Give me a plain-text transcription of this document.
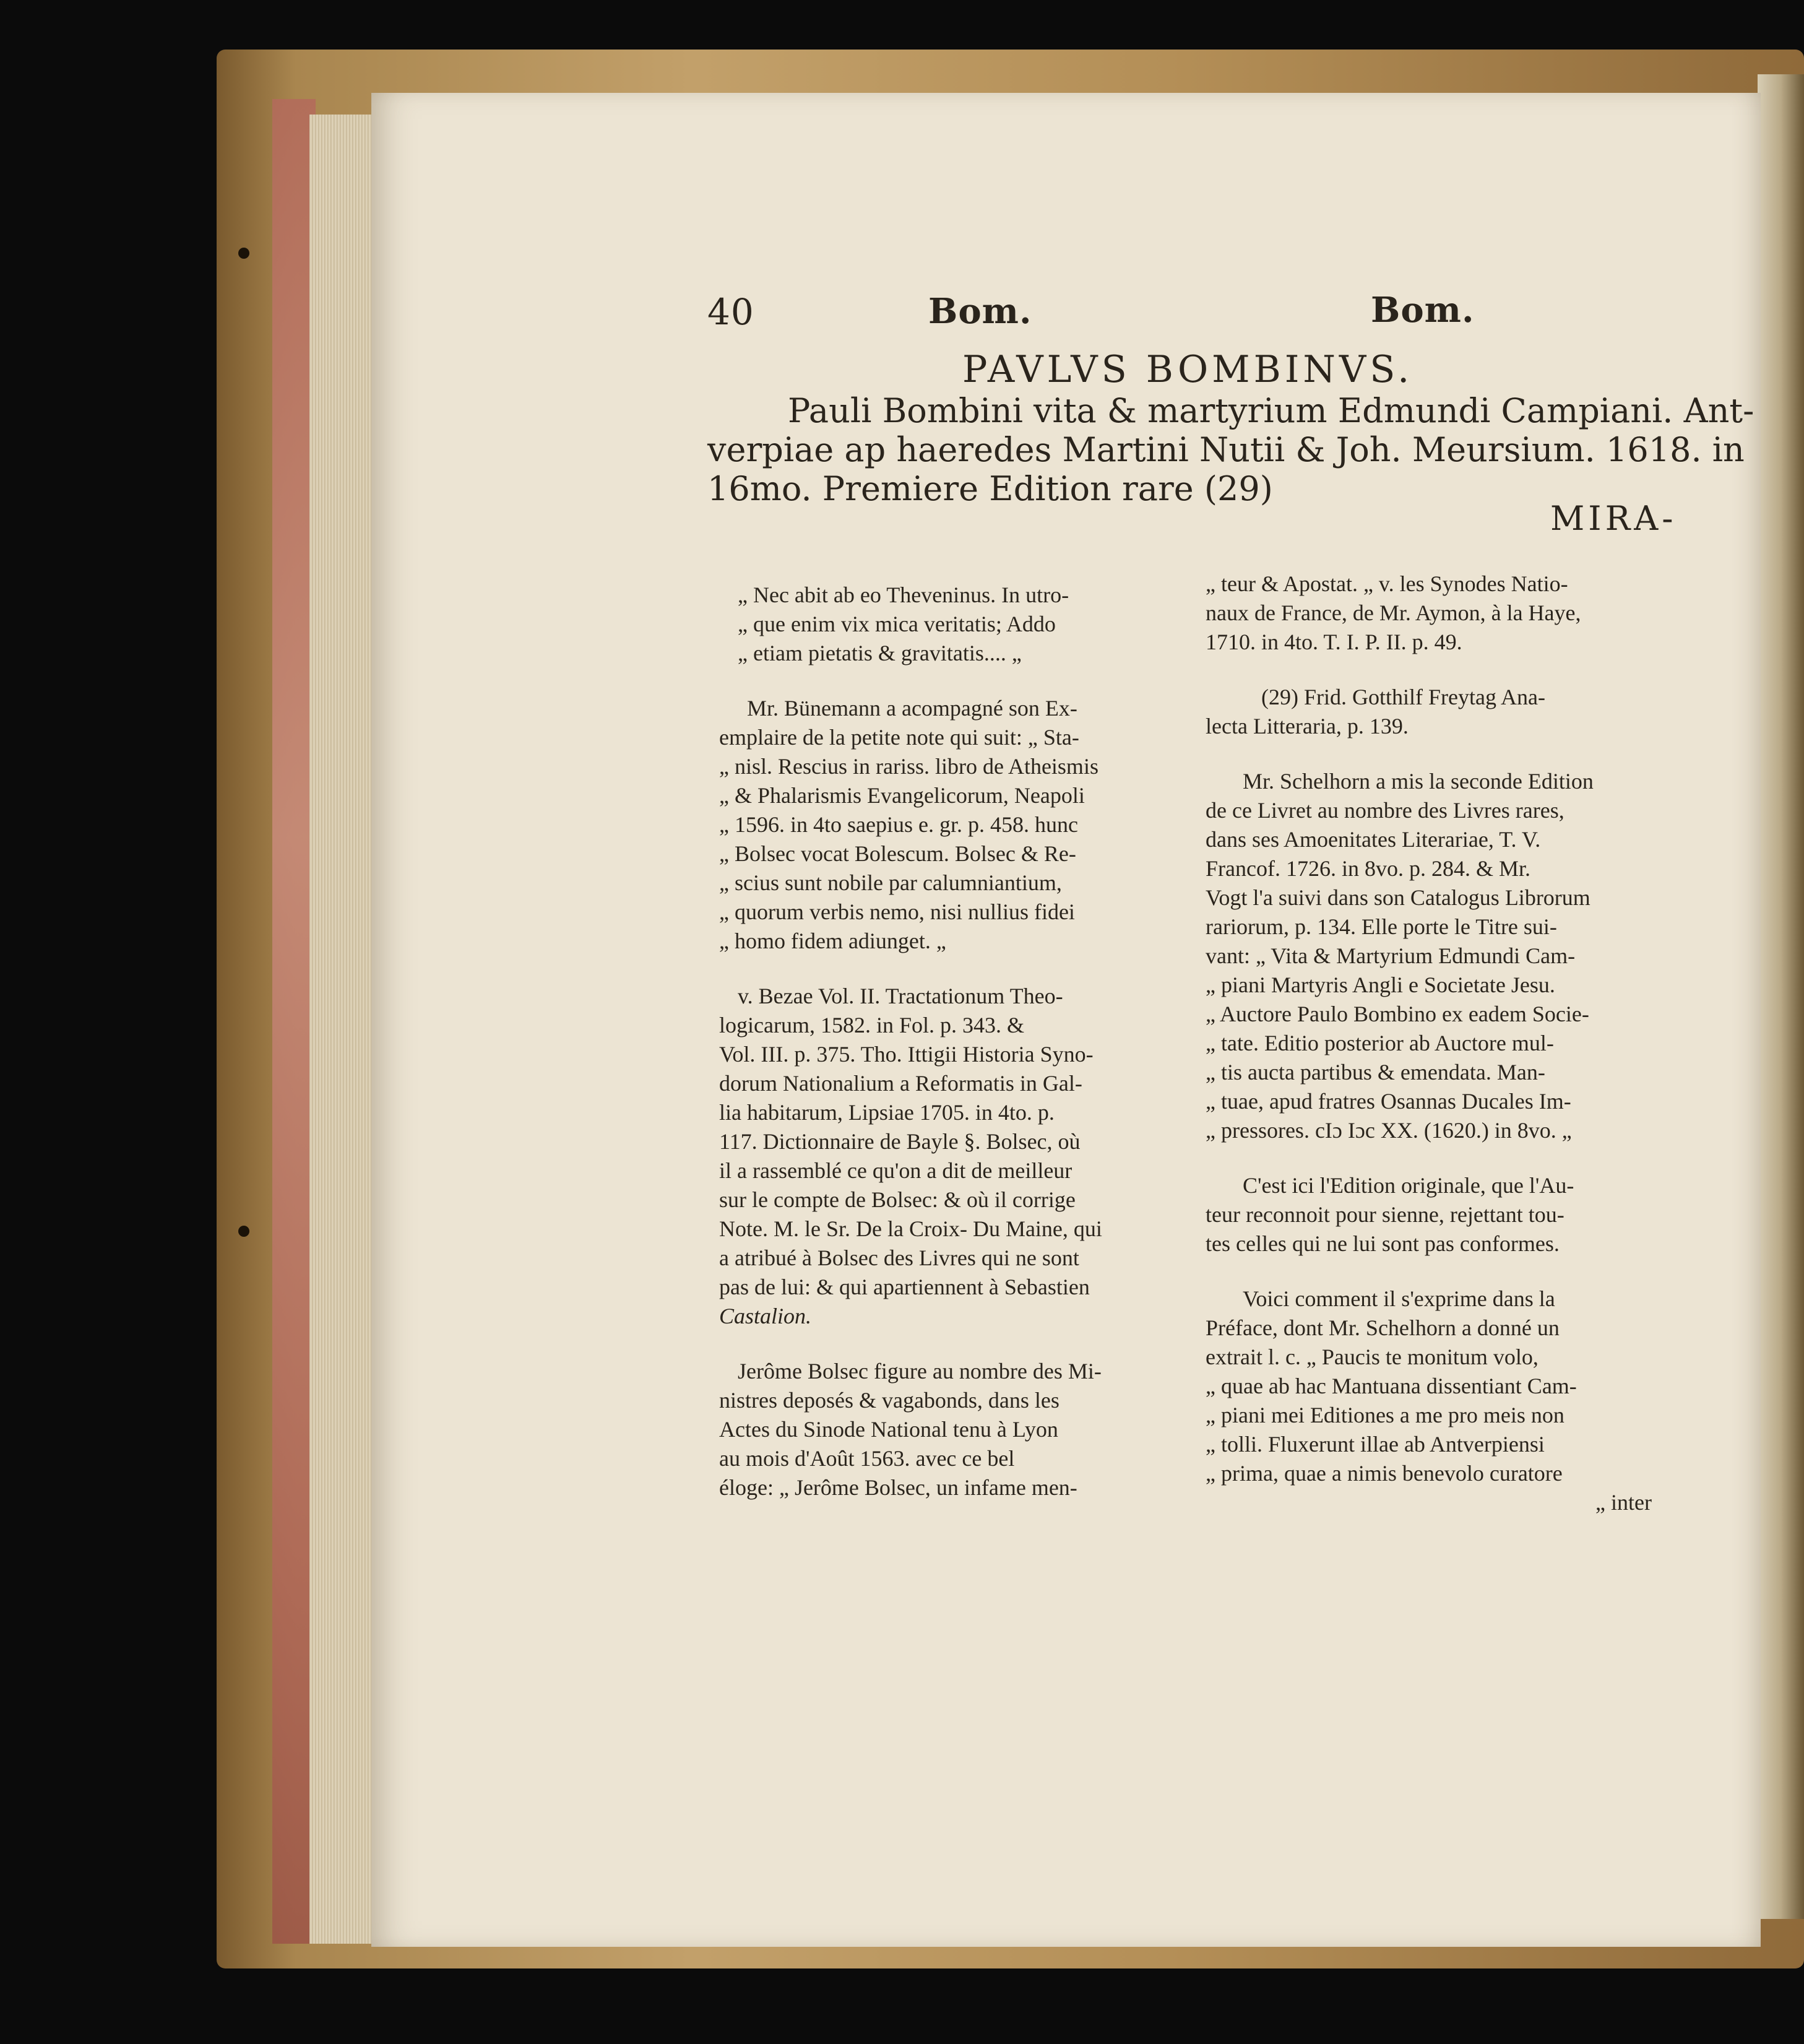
40	Bom.	Bom.
PAVLVS BOMBINVS.
Pauli Bombini vita & martyrium Edmundi Campiani. Ant-
verpiae ap haeredes Martini Nutii & Joh. Meursium. 1618. in
16mo. Premiere Edition rare (29)
MIRA-

„ Nec abit ab eo Theveninus. In utro-

„ que enim vix mica veritatis; Addo

„ etiam pietatis & gravitatis.... „

Mr. Bünemann a acompagné son Ex-

emplaire de la petite note qui suit: „ Sta-

„ nisl. Rescius in rariss. libro de Atheismis

„ & Phalarismis Evangelicorum, Neapoli

„ 1596. in 4to saepius e. gr. p. 458. hunc

„ Bolsec vocat Bolescum. Bolsec & Re-

„ scius sunt nobile par calumniantium,

„ quorum verbis nemo, nisi nullius fidei

„ homo fidem adiunget. „

v. Bezae Vol. II. Tractationum Theo-

logicarum, 1582. in Fol. p. 343. &

Vol. III. p. 375. Tho. Ittigii Historia Syno-

dorum Nationalium a Reformatis in Gal-

lia habitarum, Lipsiae 1705. in 4to. p.

117. Dictionnaire de Bayle §. Bolsec, où

il a rassemblé ce qu'on a dit de meilleur

sur le compte de Bolsec: & où il corrige

Note. M. le Sr. De la Croix- Du Maine, qui

a atribué à Bolsec des Livres qui ne sont

pas de lui: & qui apartiennent à Sebastien

Castalion.

Jerôme Bolsec figure au nombre des Mi-

nistres deposés & vagabonds, dans les

Actes du Sinode National tenu à Lyon

au mois d'Août 1563. avec ce bel

éloge: „ Jerôme Bolsec, un infame men-

„ teur & Apostat. „ v. les Synodes Natio-

naux de France, de Mr. Aymon, à la Haye,

1710. in 4to. T. I. P. II. p. 49.

(29) Frid. Gotthilf Freytag Ana-

lecta Litteraria, p. 139.

Mr. Schelhorn a mis la seconde Edition

de ce Livret au nombre des Livres rares,

dans ses Amoenitates Literariae, T. V.

Francof. 1726. in 8vo. p. 284. & Mr.

Vogt l'a suivi dans son Catalogus Librorum

rariorum, p. 134. Elle porte le Titre sui-

vant: „ Vita & Martyrium Edmundi Cam-

„ piani Martyris Angli e Societate Jesu.

„ Auctore Paulo Bombino ex eadem Socie-

„ tate. Editio posterior ab Auctore mul-

„ tis aucta partibus & emendata. Man-

„ tuae, apud fratres Osannas Ducales Im-

„ pressores. cIɔ Iɔc XX. (1620.) in 8vo. „

C'est ici l'Edition originale, que l'Au-

teur reconnoit pour sienne, rejettant tou-

tes celles qui ne lui sont pas conformes.

Voici comment il s'exprime dans la

Préface, dont Mr. Schelhorn a donné un

extrait l. c. „ Paucis te monitum volo,

„ quae ab hac Mantuana dissentiant Cam-

„ piani mei Editiones a me pro meis non

„ tolli. Fluxerunt illae ab Antverpiensi

„ prima, quae a nimis benevolo curatore

„ inter
